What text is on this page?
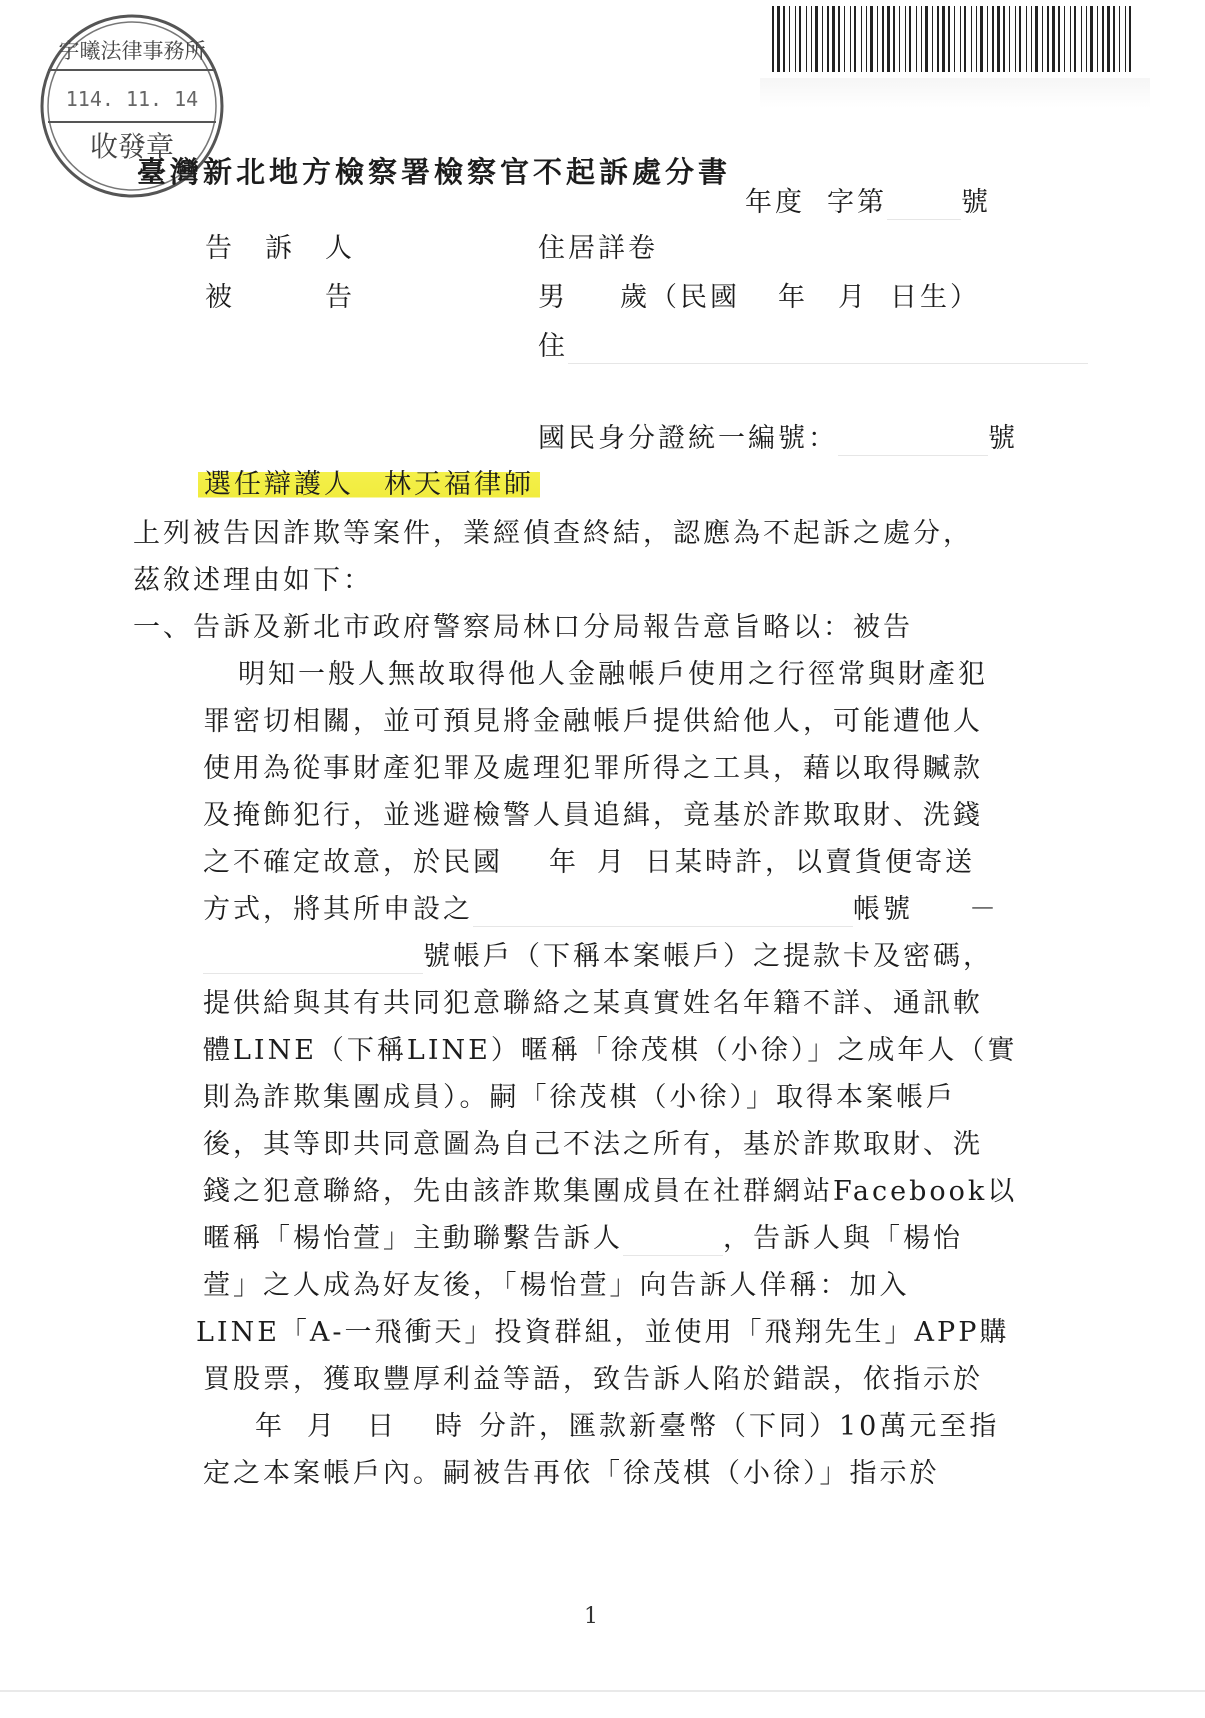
宇曦法律事務所
114. 11. 14
收發章
臺灣新北地方檢察署檢察官不起訴處分書
年度 字第	號
告　訴　人	住居詳卷
被　　　告	男 歲（民國 年 月 日生）
住
國民身分證統一編號：	號
選任辯護人　林天福律師
上列被告因詐欺等案件，業經偵查終結，認應為不起訴之處分，
茲敘述理由如下：
一、告訴及新北市政府警察局林口分局報告意旨略以：被告
明知一般人無故取得他人金融帳戶使用之行徑常與財產犯
罪密切相關，並可預見將金融帳戶提供給他人，可能遭他人
使用為從事財產犯罪及處理犯罪所得之工具，藉以取得贓款
及掩飾犯行，並逃避檢警人員追緝，竟基於詐欺取財、洗錢
之不確定故意，於民國 年 月 日某時許，以賣貨便寄送
方式，將其所申設之	帳號 －
號帳戶（下稱本案帳戶）之提款卡及密碼，
提供給與其有共同犯意聯絡之某真實姓名年籍不詳、通訊軟
體LINE（下稱LINE）暱稱「徐茂棋（小徐）」之成年人（實
則為詐欺集團成員）。嗣「徐茂棋（小徐）」取得本案帳戶
後，其等即共同意圖為自己不法之所有，基於詐欺取財、洗
錢之犯意聯絡，先由該詐欺集團成員在社群網站Facebook以
暱稱「楊怡萱」主動聯繫告訴人	，告訴人與「楊怡
萱」之人成為好友後，「楊怡萱」向告訴人佯稱：加入
LINE「A-一飛衝天」投資群組，並使用「飛翔先生」APP購
買股票，獲取豐厚利益等語，致告訴人陷於錯誤，依指示於
年 月 日 時 分許，匯款新臺幣（下同）10萬元至指
定之本案帳戶內。嗣被告再依「徐茂棋（小徐）」指示於
1
